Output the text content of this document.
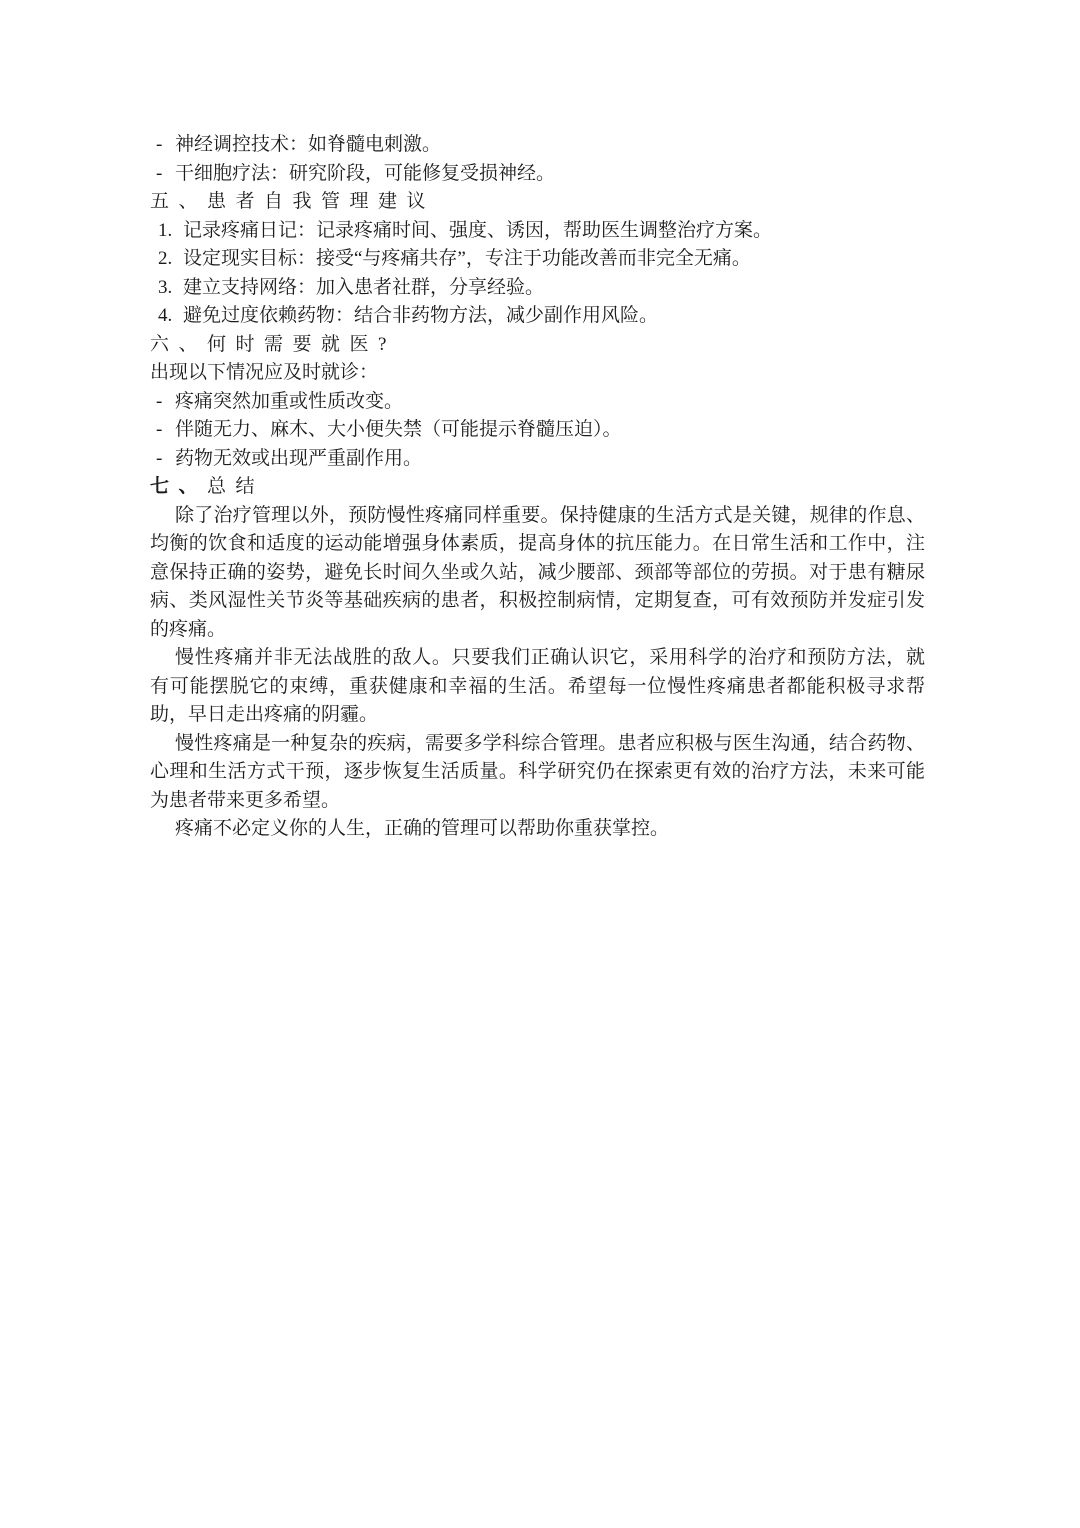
- 神经调控技术：如脊髓电刺激。
- 干细胞疗法：研究阶段，可能修复受损神经。
五、患者自我管理建议
1. 记录疼痛日记：记录疼痛时间、强度、诱因，帮助医生调整治疗方案。
2. 设定现实目标：接受“与疼痛共存”，专注于功能改善而非完全无痛。
3. 建立支持网络：加入患者社群，分享经验。
4. 避免过度依赖药物：结合非药物方法，减少副作用风险。
六、何时需要就医?
出现以下情况应及时就诊：
- 疼痛突然加重或性质改变。
- 伴随无力、麻木、大小便失禁（可能提示脊髓压迫）。
- 药物无效或出现严重副作用。
七、总结
除了治疗管理以外，预防慢性疼痛同样重要。保持健康的生活方式是关键，规律的作息、
均衡的饮食和适度的运动能增强身体素质，提高身体的抗压能力。在日常生活和工作中，注
意保持正确的姿势，避免长时间久坐或久站，减少腰部、颈部等部位的劳损。对于患有糖尿
病、类风湿性关节炎等基础疾病的患者，积极控制病情，定期复查，可有效预防并发症引发
的疼痛。
慢性疼痛并非无法战胜的敌人。只要我们正确认识它，采用科学的治疗和预防方法，就
有可能摆脱它的束缚，重获健康和幸福的生活。希望每一位慢性疼痛患者都能积极寻求帮
助，早日走出疼痛的阴霾。
慢性疼痛是一种复杂的疾病，需要多学科综合管理。患者应积极与医生沟通，结合药物、
心理和生活方式干预，逐步恢复生活质量。科学研究仍在探索更有效的治疗方法，未来可能
为患者带来更多希望。
疼痛不必定义你的人生，正确的管理可以帮助你重获掌控。
